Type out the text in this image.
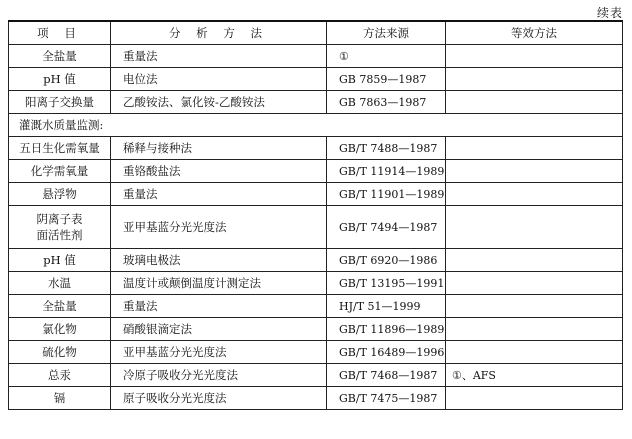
续表
项 目	分 析 方 法	方法来源	等效方法
全盐量	重量法	①	
pH 值	电位法	GB 7859—1987	
阳离子交换量	乙酸铵法、氯化铵-乙酸铵法	GB 7863—1987	
灌溉水质量监测:			
五日生化需氧量	稀释与接种法	GB/T 7488—1987	
化学需氧量	重铬酸盐法	GB/T 11914—1989	
悬浮物	重量法	GB/T 11901—1989	

阴离子表
面活性剂	亚甲基蓝分光光度法	GB/T 7494—1987	
pH 值	玻璃电极法	GB/T 6920—1986	
水温	温度计或颠倒温度计测定法	GB/T 13195—1991	
全盐量	重量法	HJ/T 51—1999	
氯化物	硝酸银滴定法	GB/T 11896—1989	
硫化物	亚甲基蓝分光光度法	GB/T 16489—1996	
总汞	冷原子吸收分光光度法	GB/T 7468—1987	①、AFS
镉	原子吸收分光光度法	GB/T 7475—1987	
